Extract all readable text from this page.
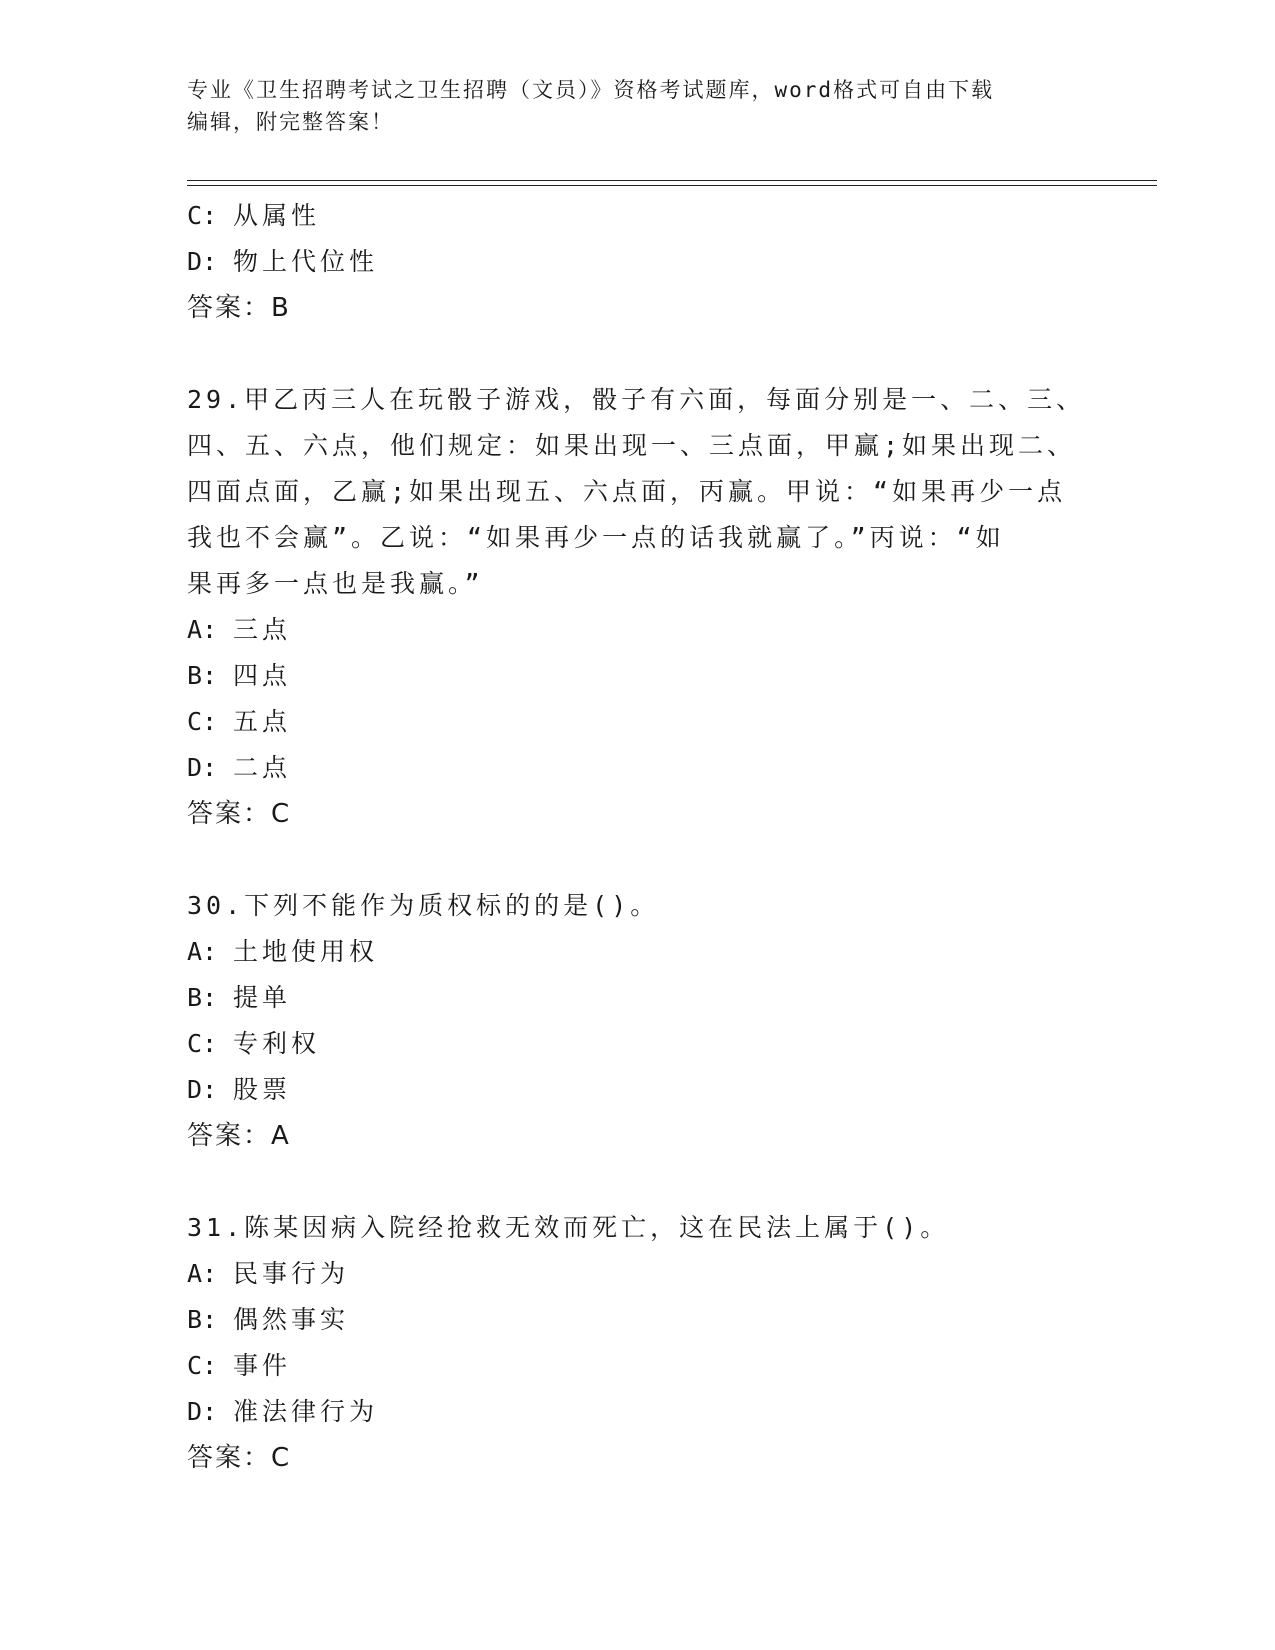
专业《卫生招聘考试之卫生招聘（文员）》资格考试题库，word格式可自由下载
编辑，附完整答案！
C: 从属性
D: 物上代位性
答案：B
29.甲乙丙三人在玩骰子游戏，骰子有六面，每面分别是一、二、三、
四、五、六点，他们规定：如果出现一、三点面，甲赢;如果出现二、
四面点面，乙赢;如果出现五、六点面，丙赢。甲说：“如果再少一点
我也不会赢”。乙说：“如果再少一点的话我就赢了。”丙说：“如
果再多一点也是我赢。”
A: 三点
B: 四点
C: 五点
D: 二点
答案：C
30.下列不能作为质权标的的是()。
A: 土地使用权
B: 提单
C: 专利权
D: 股票
答案：A
31.陈某因病入院经抢救无效而死亡，这在民法上属于()。
A: 民事行为
B: 偶然事实
C: 事件
D: 准法律行为
答案：C
